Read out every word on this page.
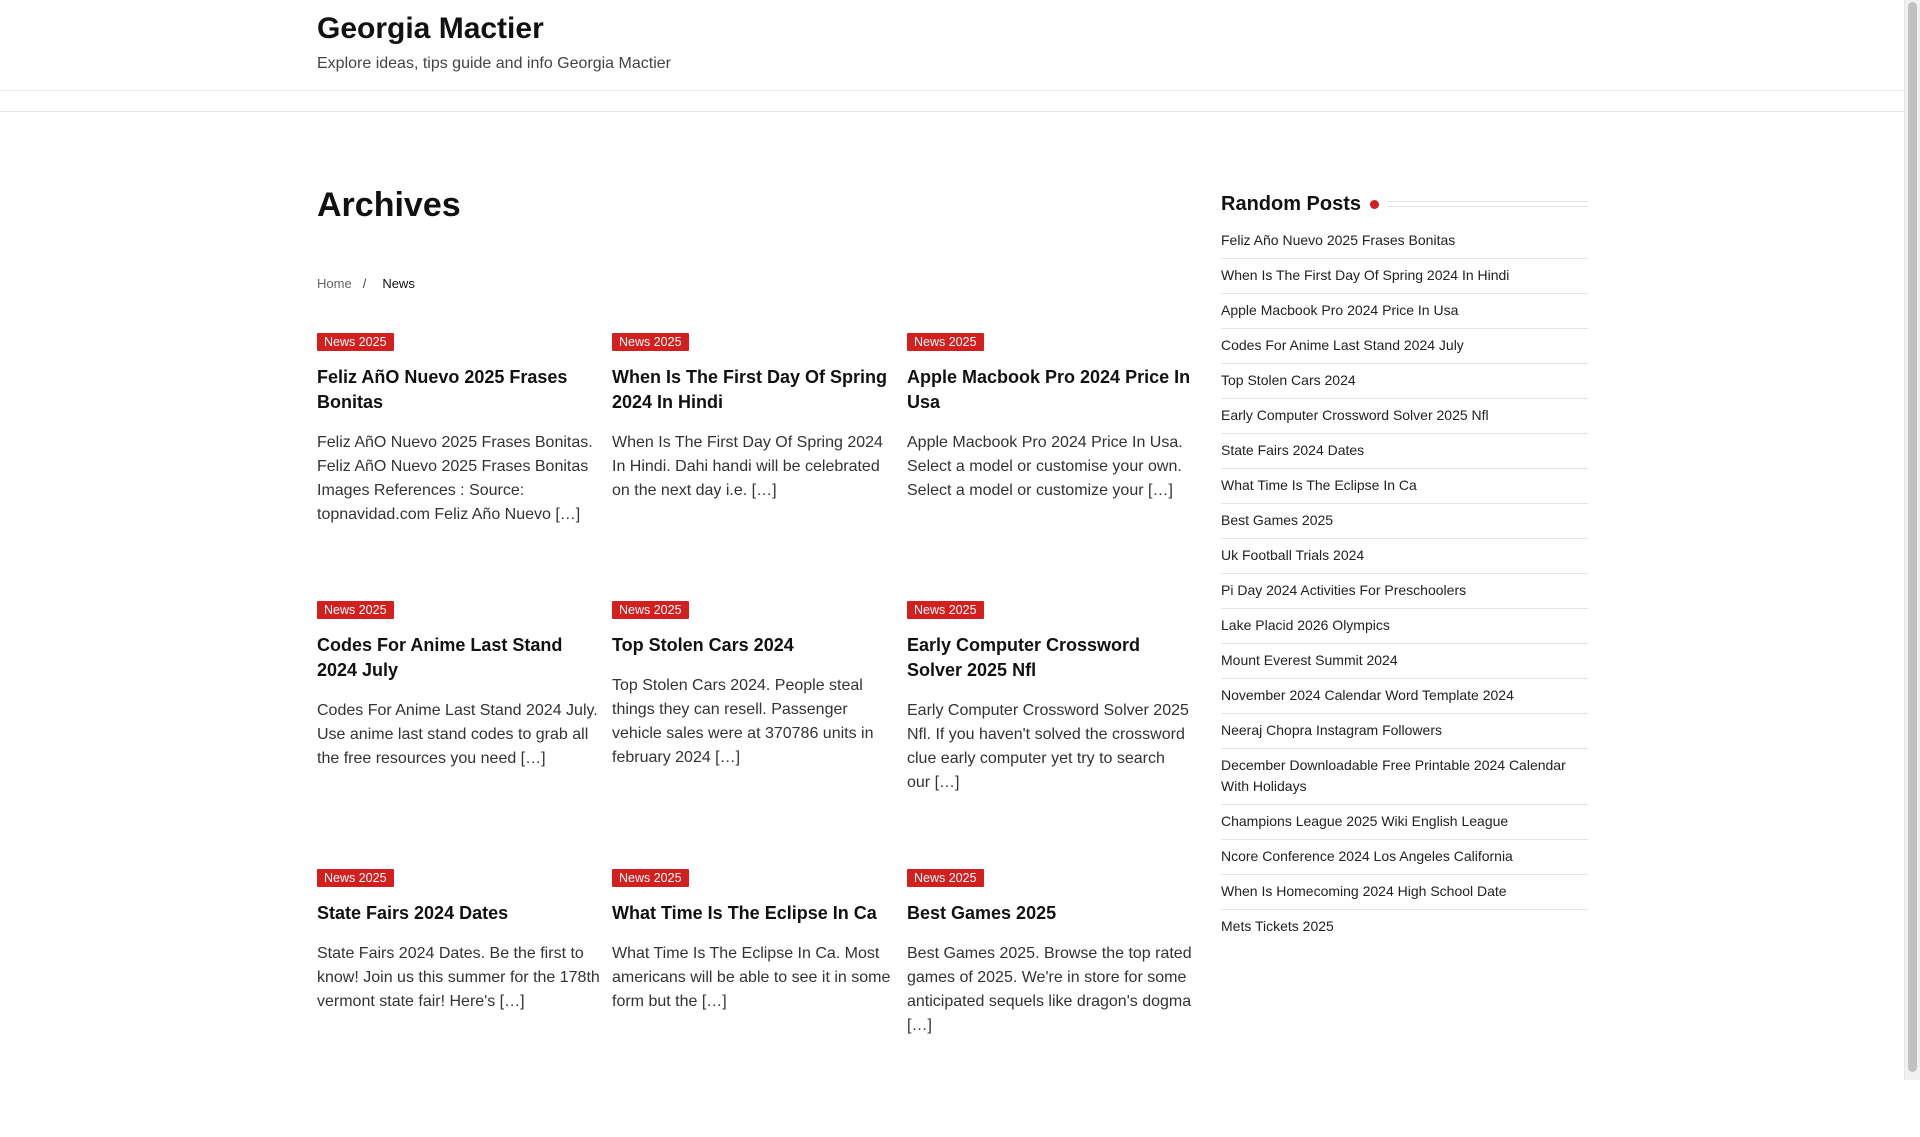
Georgia Mactier

Explore ideas, tips guide and info Georgia Mactier

Archives
Home / News
News 2025
Feliz AñO Nuevo 2025 Frases Bonitas

Feliz AñO Nuevo 2025 Frases Bonitas. Feliz AñO Nuevo 2025 Frases Bonitas Images References : Source: topnavidad.com Feliz Año Nuevo […]

News 2025
When Is The First Day Of Spring 2024 In Hindi

When Is The First Day Of Spring 2024 In Hindi. Dahi handi will be celebrated on the next day i.e. […]

News 2025
Apple Macbook Pro 2024 Price In Usa

Apple Macbook Pro 2024 Price In Usa. Select a model or customise your own. Select a model or customize your […]

News 2025
Codes For Anime Last Stand 2024 July

Codes For Anime Last Stand 2024 July. Use anime last stand codes to grab all the free resources you need […]

News 2025
Top Stolen Cars 2024

Top Stolen Cars 2024. People steal things they can resell. Passenger vehicle sales were at 370786 units in february 2024 […]

News 2025
Early Computer Crossword Solver 2025 Nfl

Early Computer Crossword Solver 2025 Nfl. If you haven't solved the crossword clue early computer yet try to search our […]

News 2025
State Fairs 2024 Dates

State Fairs 2024 Dates. Be the first to know! Join us this summer for the 178th vermont state fair! Here's […]

News 2025
What Time Is The Eclipse In Ca

What Time Is The Eclipse In Ca. Most americans will be able to see it in some form but the […]

News 2025
Best Games 2025

Best Games 2025. Browse the top rated games of 2025. We're in store for some anticipated sequels like dragon's dogma […]

Random Posts
Feliz Año Nuevo 2025 Frases Bonitas
When Is The First Day Of Spring 2024 In Hindi
Apple Macbook Pro 2024 Price In Usa
Codes For Anime Last Stand 2024 July
Top Stolen Cars 2024
Early Computer Crossword Solver 2025 Nfl
State Fairs 2024 Dates
What Time Is The Eclipse In Ca
Best Games 2025
Uk Football Trials 2024
Pi Day 2024 Activities For Preschoolers
Lake Placid 2026 Olympics
Mount Everest Summit 2024
November 2024 Calendar Word Template 2024
Neeraj Chopra Instagram Followers
December Downloadable Free Printable 2024 Calendar With Holidays
Champions League 2025 Wiki English League
Ncore Conference 2024 Los Angeles California
When Is Homecoming 2024 High School Date
Mets Tickets 2025
